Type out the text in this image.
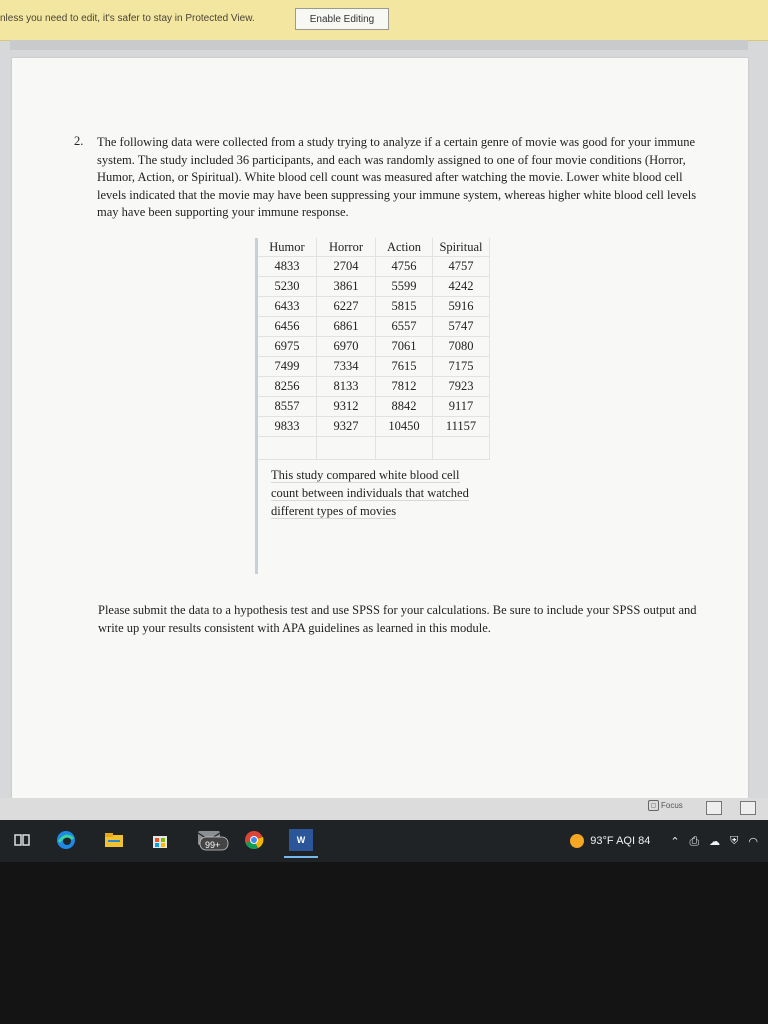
nless you need to edit, it's safer to stay in Protected View.	Enable Editing
2. The following data were collected from a study trying to analyze if a certain genre of movie was good for your immune system. The study included 36 participants, and each was randomly assigned to one of four movie conditions (Horror, Humor, Action, or Spiritual). White blood cell count was measured after watching the movie. Lower white blood cell levels indicated that the movie may have been suppressing your immune system, whereas higher white blood cell levels may have been supporting your immune response.
Humor	Horror	Action	Spiritual
4833	2704	4756	4757
5230	3861	5599	4242
6433	6227	5815	5916
6456	6861	6557	5747
6975	6970	7061	7080
7499	7334	7615	7175
8256	8133	7812	7923
8557	9312	8842	9117
9833	9327	10450	11157

This study compared white blood cell
count between individuals that watched
different types of movies
Please submit the data to a hypothesis test and use SPSS for your calculations. Be sure to include your SPSS output and write up your results consistent with APA guidelines as learned in this module.
▢ Focus
99+	W	93°F AQI 84 ⌃ ⎙ ☁ ⛨ ◠
